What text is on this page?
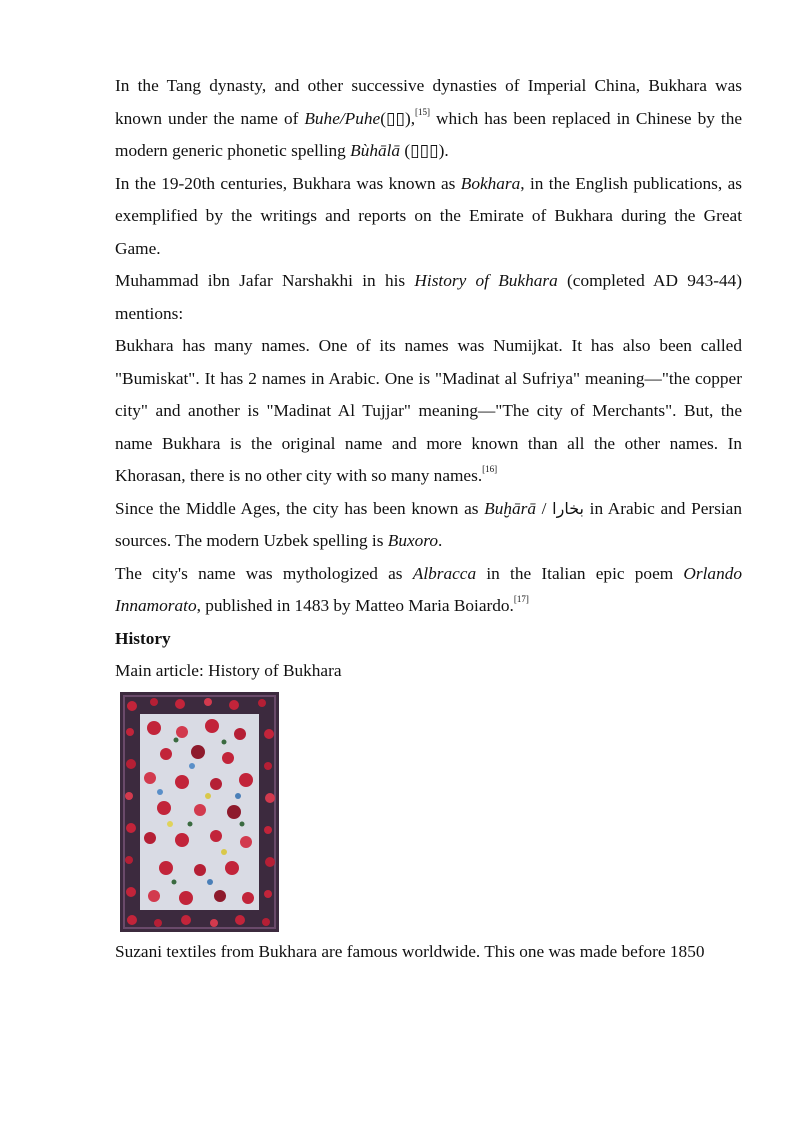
In the Tang dynasty, and other successive dynasties of Imperial China, Bukhara was known under the name of Buhe/Puhe(▯▯),[15] which has been replaced in Chinese by the modern generic phonetic spelling Bùhālā (▯▯▯).

In the 19-20th centuries, Bukhara was known as Bokhara, in the English publications, as exemplified by the writings and reports on the Emirate of Bukhara during the Great Game.

Muhammad ibn Jafar Narshakhi in his History of Bukhara (completed AD 943-44) mentions:

Bukhara has many names. One of its names was Numijkat. It has also been called "Bumiskat". It has 2 names in Arabic. One is "Madinat al Sufriya" meaning—"the copper city" and another is "Madinat Al Tujjar" meaning—"The city of Merchants". But, the name Bukhara is the original name and more known than all the other names. In Khorasan, there is no other city with so many names.[16]

Since the Middle Ages, the city has been known as Buḫārā / بخارا in Arabic and Persian sources. The modern Uzbek spelling is Buxoro.

The city's name was mythologized as Albracca in the Italian epic poem Orlando Innamorato, published in 1483 by Matteo Maria Boiardo.[17]

History

Main article: History of Bukhara

Suzani textiles from Bukhara are famous worldwide. This one was made before 1850
